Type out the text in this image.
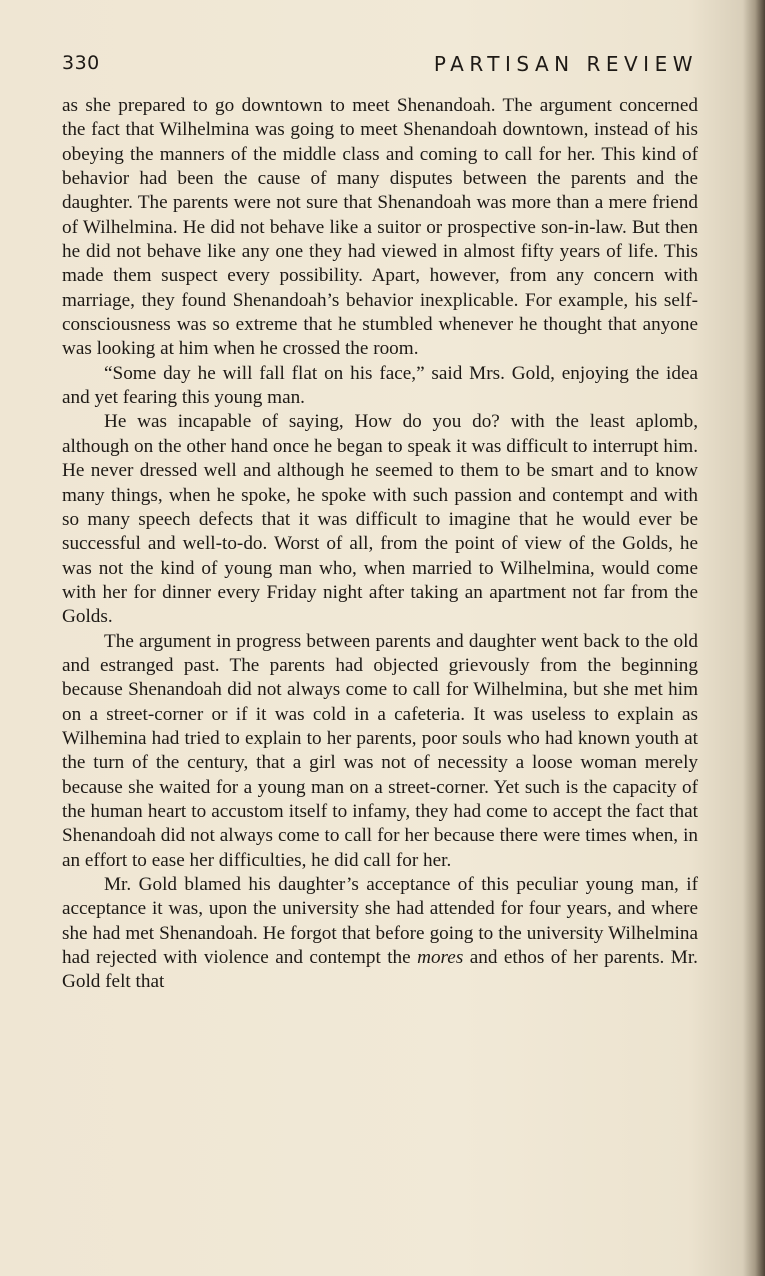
330	PARTISAN REVIEW

as she prepared to go downtown to meet Shenandoah. The argument concerned the fact that Wilhelmina was going to meet Shenandoah downtown, instead of his obeying the manners of the middle class and coming to call for her. This kind of behavior had been the cause of many disputes between the parents and the daughter. The parents were not sure that Shenandoah was more than a mere friend of Wilhelmina. He did not behave like a suitor or prospective son-in-law. But then he did not behave like any one they had viewed in almost fifty years of life. This made them suspect every possibility. Apart, however, from any concern with marriage, they found Shenandoah’s behavior inexplicable. For example, his self-consciousness was so extreme that he stumbled whenever he thought that anyone was looking at him when he crossed the room.

“Some day he will fall flat on his face,” said Mrs. Gold, enjoying the idea and yet fearing this young man.

He was incapable of saying, How do you do? with the least aplomb, although on the other hand once he began to speak it was difficult to interrupt him. He never dressed well and although he seemed to them to be smart and to know many things, when he spoke, he spoke with such passion and contempt and with so many speech defects that it was difficult to imagine that he would ever be successful and well-to-do. Worst of all, from the point of view of the Golds, he was not the kind of young man who, when married to Wilhelmina, would come with her for dinner every Friday night after taking an apartment not far from the Golds.

The argument in progress between parents and daughter went back to the old and estranged past. The parents had objected grievously from the beginning because Shenandoah did not always come to call for Wilhelmina, but she met him on a street-corner or if it was cold in a cafeteria. It was useless to explain as Wilhemina had tried to explain to her parents, poor souls who had known youth at the turn of the century, that a girl was not of necessity a loose woman merely because she waited for a young man on a street-corner. Yet such is the capacity of the human heart to accustom itself to infamy, they had come to accept the fact that Shenandoah did not always come to call for her because there were times when, in an effort to ease her difficulties, he did call for her.

Mr. Gold blamed his daughter’s acceptance of this peculiar young man, if acceptance it was, upon the university she had attended for four years, and where she had met Shenandoah. He forgot that before going to the university Wilhelmina had rejected with violence and contempt the mores and ethos of her parents. Mr. Gold felt that
